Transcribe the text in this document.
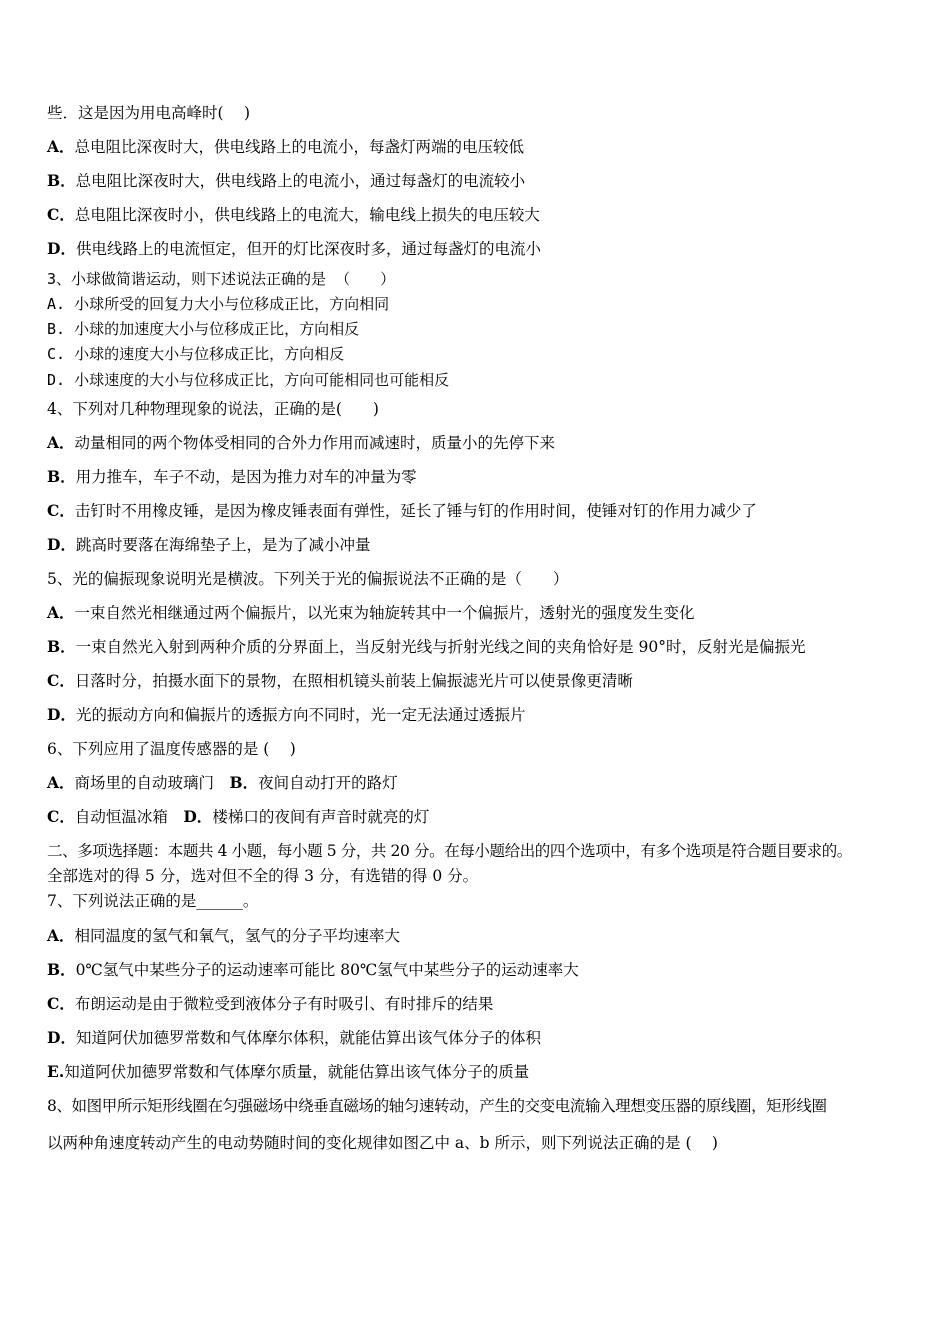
些．这是因为用电高峰时(　 )
A．总电阻比深夜时大，供电线路上的电流小，每盏灯两端的电压较低
B．总电阻比深夜时大，供电线路上的电流小，通过每盏灯的电流较小
C．总电阻比深夜时小，供电线路上的电流大，输电线上损失的电压较大
D．供电线路上的电流恒定，但开的灯比深夜时多，通过每盏灯的电流小
3、小球做简谐运动，则下述说法正确的是 （　　）
A. 小球所受的回复力大小与位移成正比，方向相同
B. 小球的加速度大小与位移成正比，方向相反
C. 小球的速度大小与位移成正比，方向相反
D. 小球速度的大小与位移成正比，方向可能相同也可能相反
4、下列对几种物理现象的说法，正确的是(　　)
A．动量相同的两个物体受相同的合外力作用而减速时，质量小的先停下来
B．用力推车，车子不动，是因为推力对车的冲量为零
C．击钉时不用橡皮锤，是因为橡皮锤表面有弹性，延长了锤与钉的作用时间，使锤对钉的作用力减少了
D．跳高时要落在海绵垫子上，是为了减小冲量
5、光的偏振现象说明光是横波。下列关于光的偏振说法不正确的是（　　）
A．一束自然光相继通过两个偏振片，以光束为轴旋转其中一个偏振片，透射光的强度发生变化
B．一束自然光入射到两种介质的分界面上，当反射光线与折射光线之间的夹角恰好是 90°时，反射光是偏振光
C．日落时分，拍摄水面下的景物，在照相机镜头前装上偏振滤光片可以使景像更清晰
D．光的振动方向和偏振片的透振方向不同时，光一定无法通过透振片
6、下列应用了温度传感器的是 (　 )
A．商场里的自动玻璃门　B．夜间自动打开的路灯
C．自动恒温冰箱　D．楼梯口的夜间有声音时就亮的灯
二、多项选择题：本题共 4 小题，每小题 5 分，共 20 分。在每小题给出的四个选项中，有多个选项是符合题目要求的。
全部选对的得 5 分，选对但不全的得 3 分，有选错的得 0 分。
7、下列说法正确的是______。
A．相同温度的氢气和氧气，氢气的分子平均速率大
B．0℃氢气中某些分子的运动速率可能比 80℃氢气中某些分子的运动速率大
C．布朗运动是由于微粒受到液体分子有时吸引、有时排斥的结果
D．知道阿伏加德罗常数和气体摩尔体积，就能估算出该气体分子的体积
E.知道阿伏加德罗常数和气体摩尔质量，就能估算出该气体分子的质量
8、如图甲所示矩形线圈在匀强磁场中绕垂直磁场的轴匀速转动，产生的交变电流输入理想变压器的原线圈，矩形线圈
以两种角速度转动产生的电动势随时间的变化规律如图乙中 a、b 所示，则下列说法正确的是 (　 )
